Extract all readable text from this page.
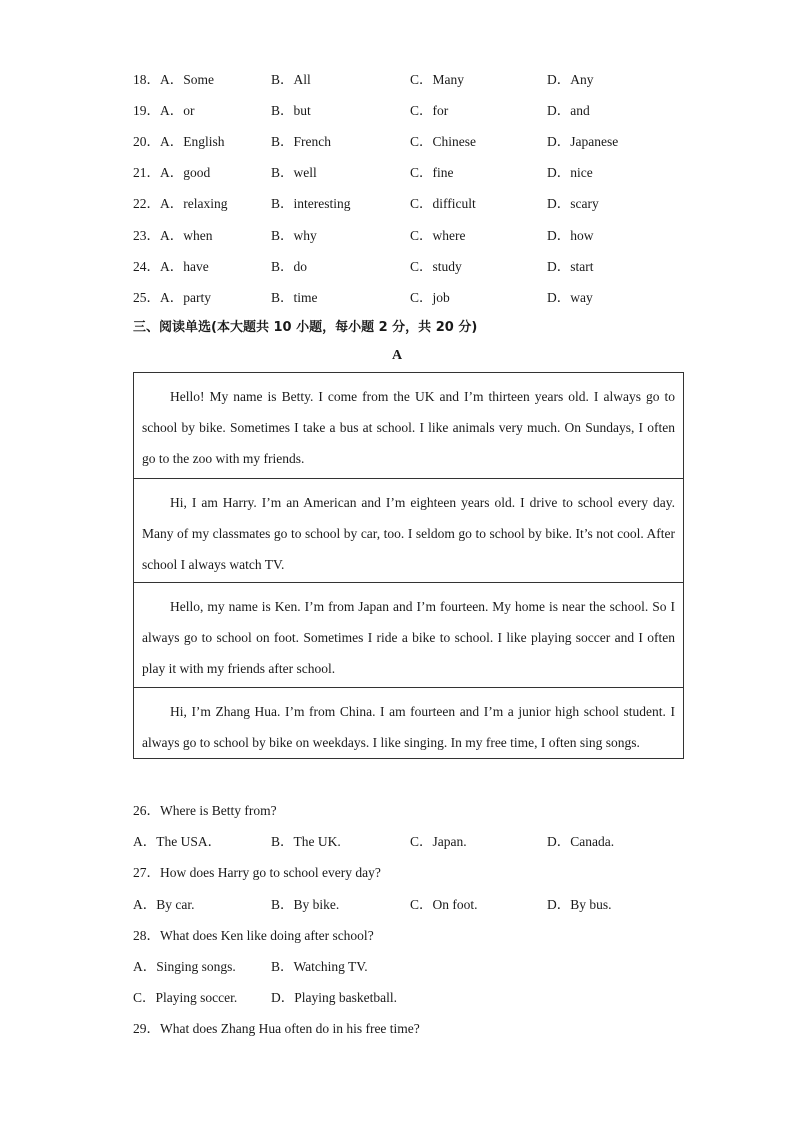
18． A．Some	B．All	C．Many	D．Any
19． A．or	B．but	C．for	D．and
20． A．English	B．French	C．Chinese	D．Japanese
21． A．good	B．well	C．fine	D．nice
22． A．relaxing	B．interesting	C．difficult	D．scary
23． A．when	B．why	C．where	D．how
24． A．have	B．do	C．study	D．start
25． A．party	B．time	C．job	D．way
三、阅读单选(本大题共 10 小题，每小题 2 分，共 20 分)
A

Hello! My name is Betty. I come from the UK and I’m thirteen years old. I always go to school by bike. Sometimes I take a bus at school. I like animals very much. On Sundays, I often go to the zoo with my friends.

Hi, I am Harry. I’m an American and I’m eighteen years old. I drive to school every day. Many of my classmates go to school by car, too. I seldom go to school by bike. It’s not cool. After school I always watch TV.

Hello, my name is Ken. I’m from Japan and I’m fourteen. My home is near the school. So I always go to school on foot. Sometimes I ride a bike to school. I like playing soccer and I often play it with my friends after school.

Hi, I’m Zhang Hua. I’m from China. I am fourteen and I’m a junior high school student. I always go to school by bike on weekdays. I like singing. In my free time, I often sing songs.

26．Where is Betty from?
A．The USA．	B．The UK.	C．Japan.	D．Canada.
27．How does Harry go to school every day?
A．By car.	B．By bike.	C．On foot.	D．By bus.
28．What does Ken like doing after school?
A．Singing songs.	B．Watching TV.
C．Playing soccer.	D．Playing basketball.
29．What does Zhang Hua often do in his free time?
